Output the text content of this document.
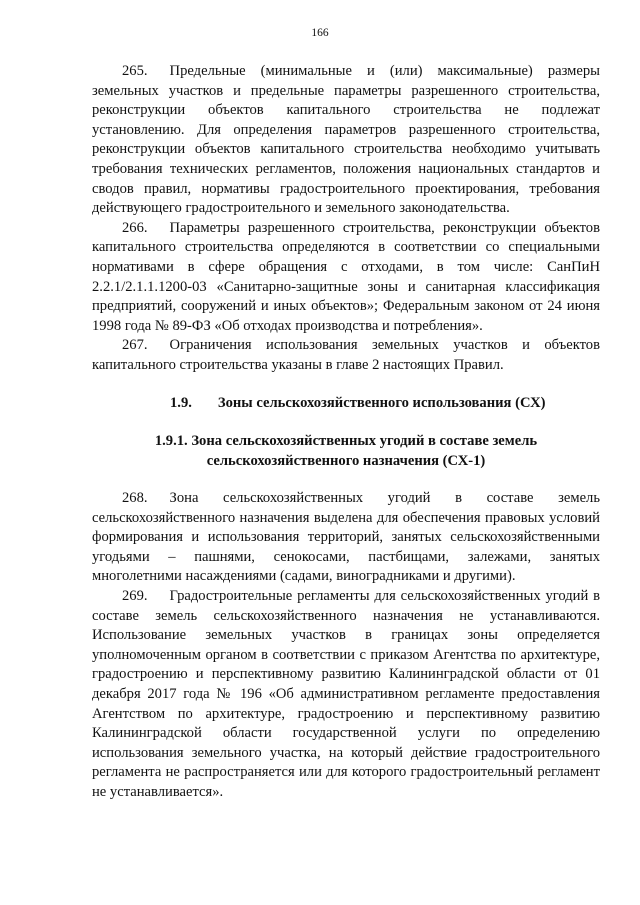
166

265. Предельные (минимальные и (или) максимальные) размеры земельных участков и предельные параметры разрешенного строительства, реконструкции объектов капитального строительства не подлежат установлению. Для определения параметров разрешенного строительства, реконструкции объектов капитального строительства необходимо учитывать требования технических регламентов, положения национальных стандартов и сводов правил, нормативы градостроительного проектирования, требования действующего градостроительного и земельного законодательства.

266. Параметры разрешенного строительства, реконструкции объектов капитального строительства определяются в соответствии со специальными нормативами в сфере обращения с отходами, в том числе: СанПиН 2.2.1/2.1.1.1200-03 «Санитарно-защитные зоны и санитарная классификация предприятий, сооружений и иных объектов»; Федеральным законом от 24 июня 1998 года № 89-ФЗ «Об отходах производства и потребления».

267. Ограничения использования земельных участков и объектов капитального строительства указаны в главе 2 настоящих Правил.

1.9. Зоны сельскохозяйственного использования (СХ)
1.9.1. Зона сельскохозяйственных угодий в составе земель
сельскохозяйственного назначения (СХ-1)

268. Зона сельскохозяйственных угодий в составе земель сельскохозяйственного назначения выделена для обеспечения правовых условий формирования и использования территорий, занятых сельскохозяйственными угодьями – пашнями, сенокосами, пастбищами, залежами, занятых многолетними насаждениями (садами, виноградниками и другими).

269. Градостроительные регламенты для сельскохозяйственных угодий в составе земель сельскохозяйственного назначения не устанавливаются. Использование земельных участков в границах зоны определяется уполномоченным органом в соответствии с приказом Агентства по архитектуре, градостроению и перспективному развитию Калининградской области от 01 декабря 2017 года № 196 «Об административном регламенте предоставления Агентством по архитектуре, градостроению и перспективному развитию Калининградской области государственной услуги по определению использования земельного участка, на который действие градостроительного регламента не распространяется или для которого градостроительный регламент не устанавливается».
